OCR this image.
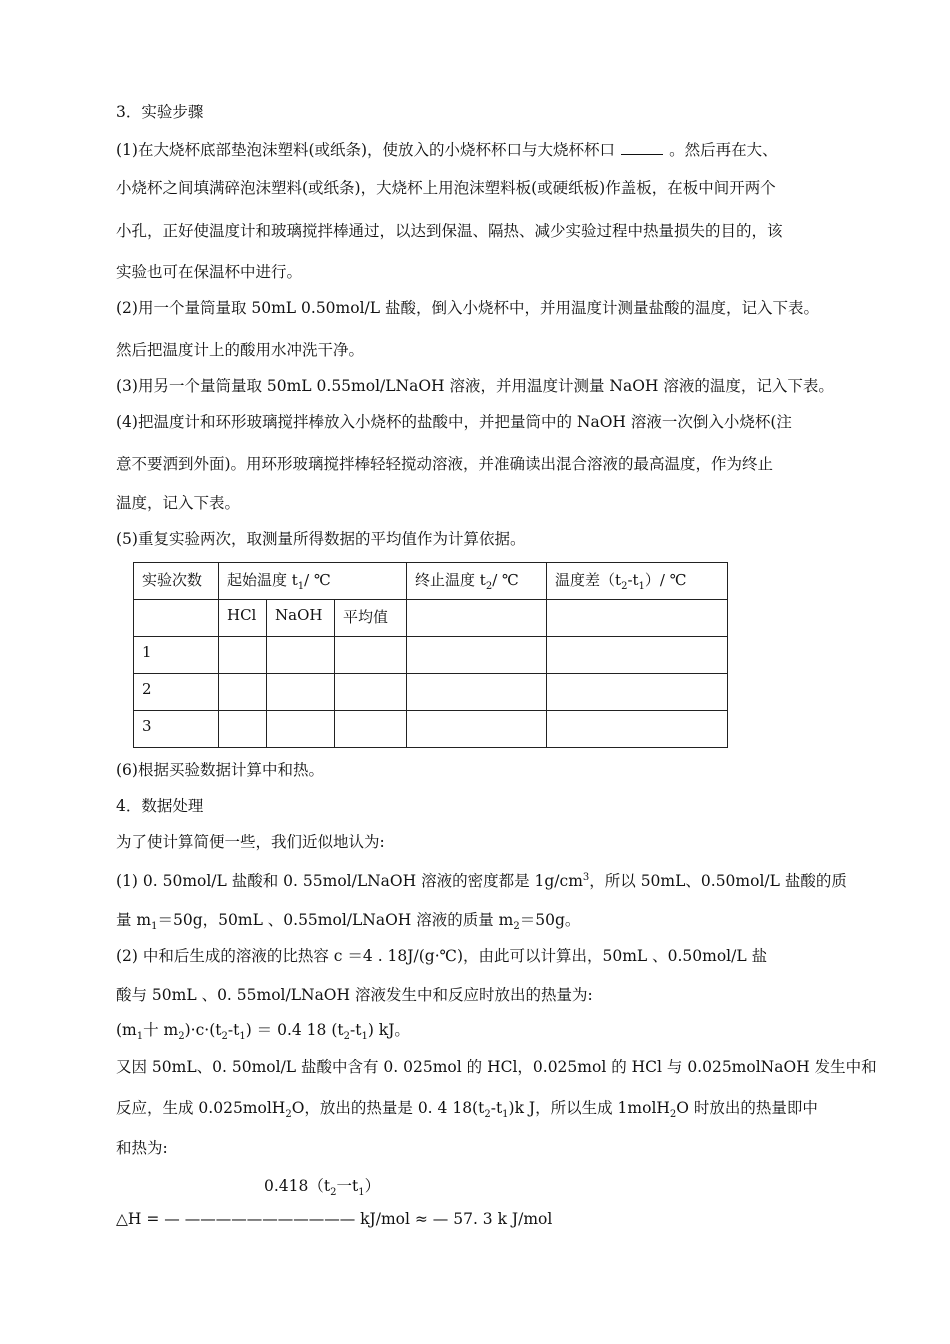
3．实验步骤
(1)在大烧杯底部垫泡沫塑料(或纸条)，使放入的小烧杯杯口与大烧杯杯口	。然后再在大、
小烧杯之间填满碎泡沫塑料(或纸条)，大烧杯上用泡沫塑料板(或硬纸板)作盖板，在板中间开两个
小孔，正好使温度计和玻璃搅拌棒通过，以达到保温、隔热、减少实验过程中热量损失的目的，该
实验也可在保温杯中进行。
(2)用一个量筒量取 50mL 0.50mol/L 盐酸，倒入小烧杯中，并用温度计测量盐酸的温度，记入下表。
然后把温度计上的酸用水冲洗干净。
(3)用另一个量筒量取 50mL 0.55mol/LNaOH 溶液，并用温度计测量 NaOH 溶液的温度，记入下表。
(4)把温度计和环形玻璃搅拌棒放入小烧杯的盐酸中，并把量筒中的 NaOH 溶液一次倒入小烧杯(注
意不要洒到外面)。用环形玻璃搅拌棒轻轻搅动溶液，并准确读出混合溶液的最高温度，作为终止
温度，记入下表。
(5)重复实验两次，取测量所得数据的平均值作为计算依据。
实验次数	起始温度 $t_1/$ ℃			终止温度 $t_2/$ ℃	温度差$(t_2-t_1)/$ ℃
	HCl	NaOH	平均值		
1					
2					
3					
(6)根据买验数据计算中和热。
4．数据处理
为了使计算简便一些，我们近似地认为:
(1) 0. 50mol/L 盐酸和 0. 55mol/LNaOH 溶液的密度都是 $1g/cm^3$，所以 50mL、0.50mol/L 盐酸的质
量 $m_1=50g$，50mL 、0.55mol/LNaOH 溶液的质量 $m_2=50g$。
(2) 中和后生成的溶液的比热容 c ＝4 . 18J/(g·℃)，由此可以计算出，50mL 、0.50mol/L 盐
酸与 50mL 、0. 55mol/LNaOH 溶液发生中和反应时放出的热量为:
($m_1$十 $m_2)\cdot c\cdot(t_2-t_1) = 0.4$ 18 $(t_2-t_1)$ kJ。
又因 50mL、0. 50mol/L 盐酸中含有 0. 025mol 的 HCl，0.025mol 的 HCl 与 0.025molNaOH 发生中和
反应，生成 0.025molH$_2$O，放出的热量是 0. 4 $18(t_2-t_1)k$ J，所以生成 1molH$_2$O 时放出的热量即中
和热为:
$0.418(t_2$一$t_1$）
△H = — ——————————— kJ/mol ≈ — 57. 3 k J/mol
